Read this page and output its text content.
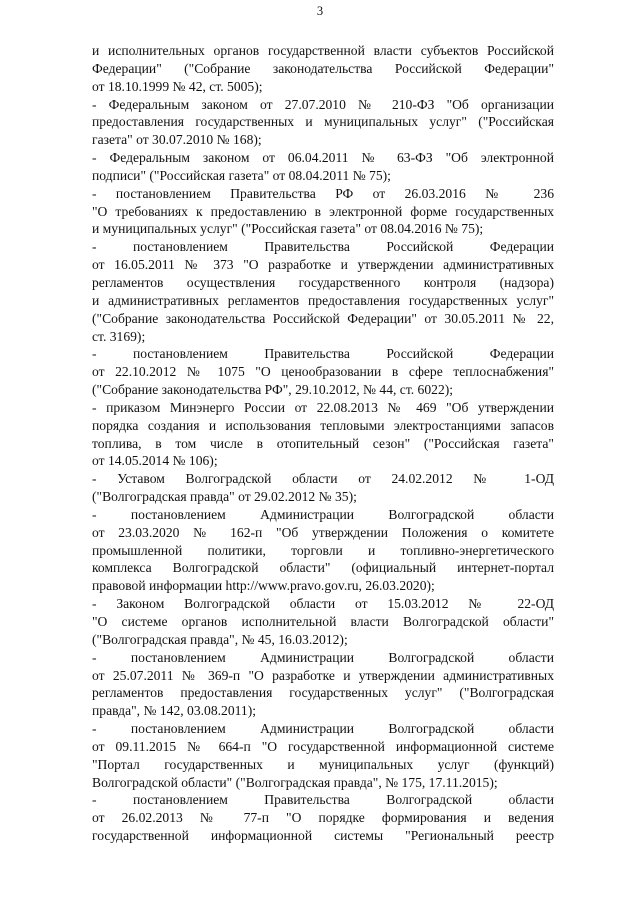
3
и исполнительных органов государственной власти субъектов Российской
Федерации" ("Собрание законодательства Российской Федерации"
от 18.10.1999 № 42, ст. 5005);
- Федеральным законом от 27.07.2010 № 210-ФЗ "Об организации
предоставления государственных и муниципальных услуг" ("Российская
газета" от 30.07.2010 № 168);
- Федеральным законом от 06.04.2011 № 63-ФЗ "Об электронной
подписи" ("Российская газета" от 08.04.2011 № 75);
- постановлением Правительства РФ от 26.03.2016 № 236
"О требованиях к предоставлению в электронной форме государственных
и муниципальных услуг" ("Российская газета" от 08.04.2016 № 75);
- постановлением Правительства Российской Федерации
от 16.05.2011 № 373 "О разработке и утверждении административных
регламентов осуществления государственного контроля (надзора)
и административных регламентов предоставления государственных услуг"
("Собрание законодательства Российской Федерации" от 30.05.2011 № 22,
ст. 3169);
- постановлением Правительства Российской Федерации
от 22.10.2012 № 1075 "О ценообразовании в сфере теплоснабжения"
("Собрание законодательства РФ", 29.10.2012, № 44, ст. 6022);
- приказом Минэнерго России от 22.08.2013 № 469 "Об утверждении
порядка создания и использования тепловыми электростанциями запасов
топлива, в том числе в отопительный сезон" ("Российская газета"
от 14.05.2014 № 106);
- Уставом Волгоградской области от 24.02.2012 № 1-ОД
("Волгоградская правда" от 29.02.2012 № 35);
- постановлением Администрации Волгоградской области
от 23.03.2020 № 162-п "Об утверждении Положения о комитете
промышленной политики, торговли и топливно-энергетического
комплекса Волгоградской области" (официальный интернет-портал
правовой информации http://www.pravo.gov.ru, 26.03.2020);
- Законом Волгоградской области от 15.03.2012 № 22-ОД
"О системе органов исполнительной власти Волгоградской области"
("Волгоградская правда", № 45, 16.03.2012);
- постановлением Администрации Волгоградской области
от 25.07.2011 № 369-п "О разработке и утверждении административных
регламентов предоставления государственных услуг" ("Волгоградская
правда", № 142, 03.08.2011);
- постановлением Администрации Волгоградской области
от 09.11.2015 № 664-п "О государственной информационной системе
"Портал государственных и муниципальных услуг (функций)
Волгоградской области" ("Волгоградская правда", № 175, 17.11.2015);
- постановлением Правительства Волгоградской области
от 26.02.2013 № 77-п "О порядке формирования и ведения
государственной информационной системы "Региональный реестр
